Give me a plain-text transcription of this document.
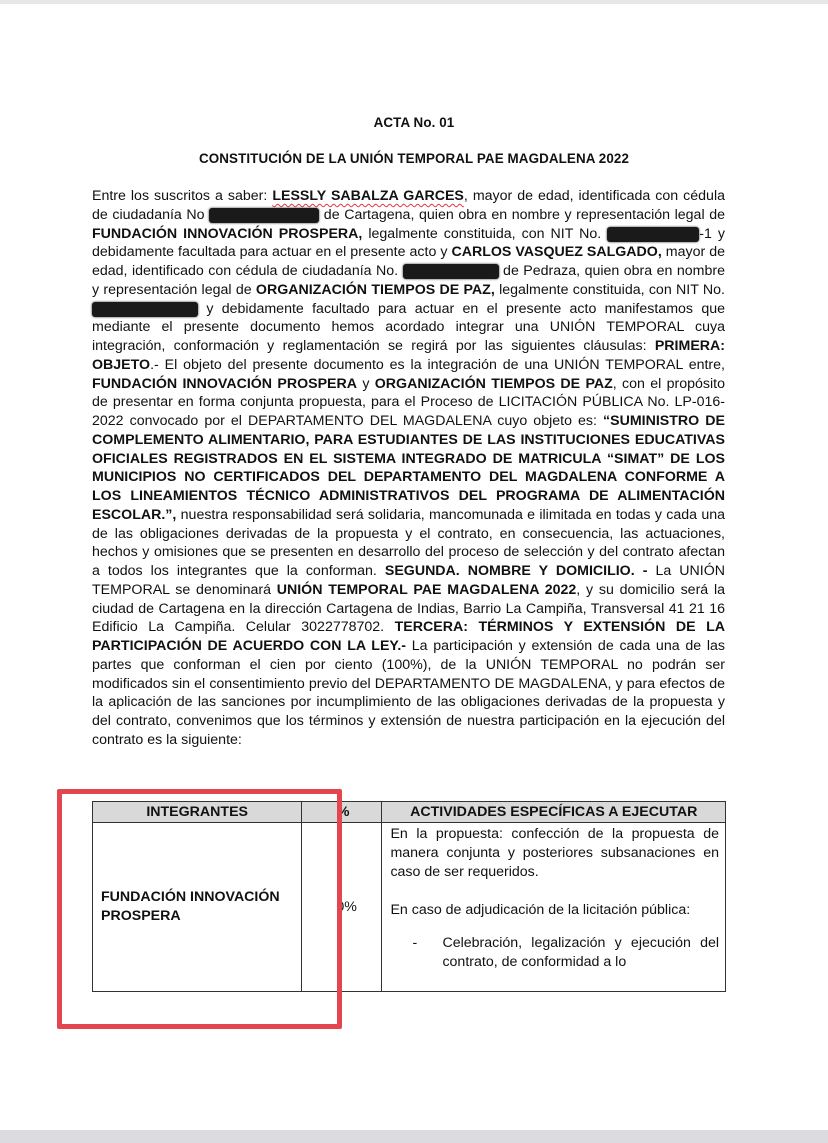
ACTA No. 01
CONSTITUCIÓN DE LA UNIÓN TEMPORAL PAE MAGDALENA 2022
Entre los suscritos a saber: LESSLY SABALZA GARCES, mayor de edad, identificada con cédula de ciudadanía No	de Cartagena, quien obra en nombre y representación legal de FUNDACIÓN INNOVACIÓN PROSPERA, legalmente constituida, con NIT No.	-1 y debidamente facultada para actuar en el presente acto y CARLOS VASQUEZ SALGADO, mayor de edad, identificado con cédula de ciudadanía No.	de Pedraza, quien obra en nombre y representación legal de ORGANIZACIÓN TIEMPOS DE PAZ, legalmente constituida, con NIT No.  y debidamente facultado para actuar en el presente acto manifestamos que mediante el presente documento hemos acordado integrar una UNIÓN TEMPORAL cuya integración, conformación y reglamentación se regirá por las siguientes cláusulas: PRIMERA: OBJETO.- El objeto del presente documento es la integración de una UNIÓN TEMPORAL entre, FUNDACIÓN INNOVACIÓN PROSPERA y ORGANIZACIÓN TIEMPOS DE PAZ, con el propósito de presentar en forma conjunta propuesta, para el Proceso de LICITACIÓN PÚBLICA No. LP-016-2022 convocado por el DEPARTAMENTO DEL MAGDALENA cuyo objeto es: “SUMINISTRO DE COMPLEMENTO ALIMENTARIO, PARA ESTUDIANTES DE LAS INSTITUCIONES EDUCATIVAS OFICIALES REGISTRADOS EN EL SISTEMA INTEGRADO DE MATRICULA “SIMAT” DE LOS MUNICIPIOS NO CERTIFICADOS DEL DEPARTAMENTO DEL MAGDALENA CONFORME A LOS LINEAMIENTOS TÉCNICO ADMINISTRATIVOS DEL PROGRAMA DE ALIMENTACIÓN ESCOLAR.”, nuestra responsabilidad será solidaria, mancomunada e ilimitada en todas y cada una de las obligaciones derivadas de la propuesta y el contrato, en consecuencia, las actuaciones, hechos y omisiones que se presenten en desarrollo del proceso de selección y del contrato afectan a todos los integrantes que la conforman. SEGUNDA. NOMBRE Y DOMICILIO. - La UNIÓN TEMPORAL se denominará UNIÓN TEMPORAL PAE MAGDALENA 2022, y su domicilio será la ciudad de Cartagena en la dirección Cartagena de Indias, Barrio La Campiña, Transversal 41 21 16 Edificio La Campiña. Celular 3022778702. TERCERA: TÉRMINOS Y EXTENSIÓN DE LA PARTICIPACIÓN DE ACUERDO CON LA LEY.- La participación y extensión de cada una de las partes que conforman el cien por ciento (100%), de la UNIÓN TEMPORAL no podrán ser modificados sin el consentimiento previo del DEPARTAMENTO DE MAGDALENA, y para efectos de la aplicación de las sanciones por incumplimiento de las obligaciones derivadas de la propuesta y del contrato, convenimos que los términos y extensión de nuestra participación en la ejecución del contrato es la siguiente:
INTEGRANTES	%	ACTIVIDADES ESPECÍFICAS A EJECUTAR
FUNDACIÓN INNOVACIÓN PROSPERA	0%	En la propuesta: confección de la propuesta de manera conjunta y posteriores subsanaciones en caso de ser requeridos.

En caso de adjudicación de la licitación pública:

- Celebración, legalización y ejecución del contrato, de conformidad a lo
